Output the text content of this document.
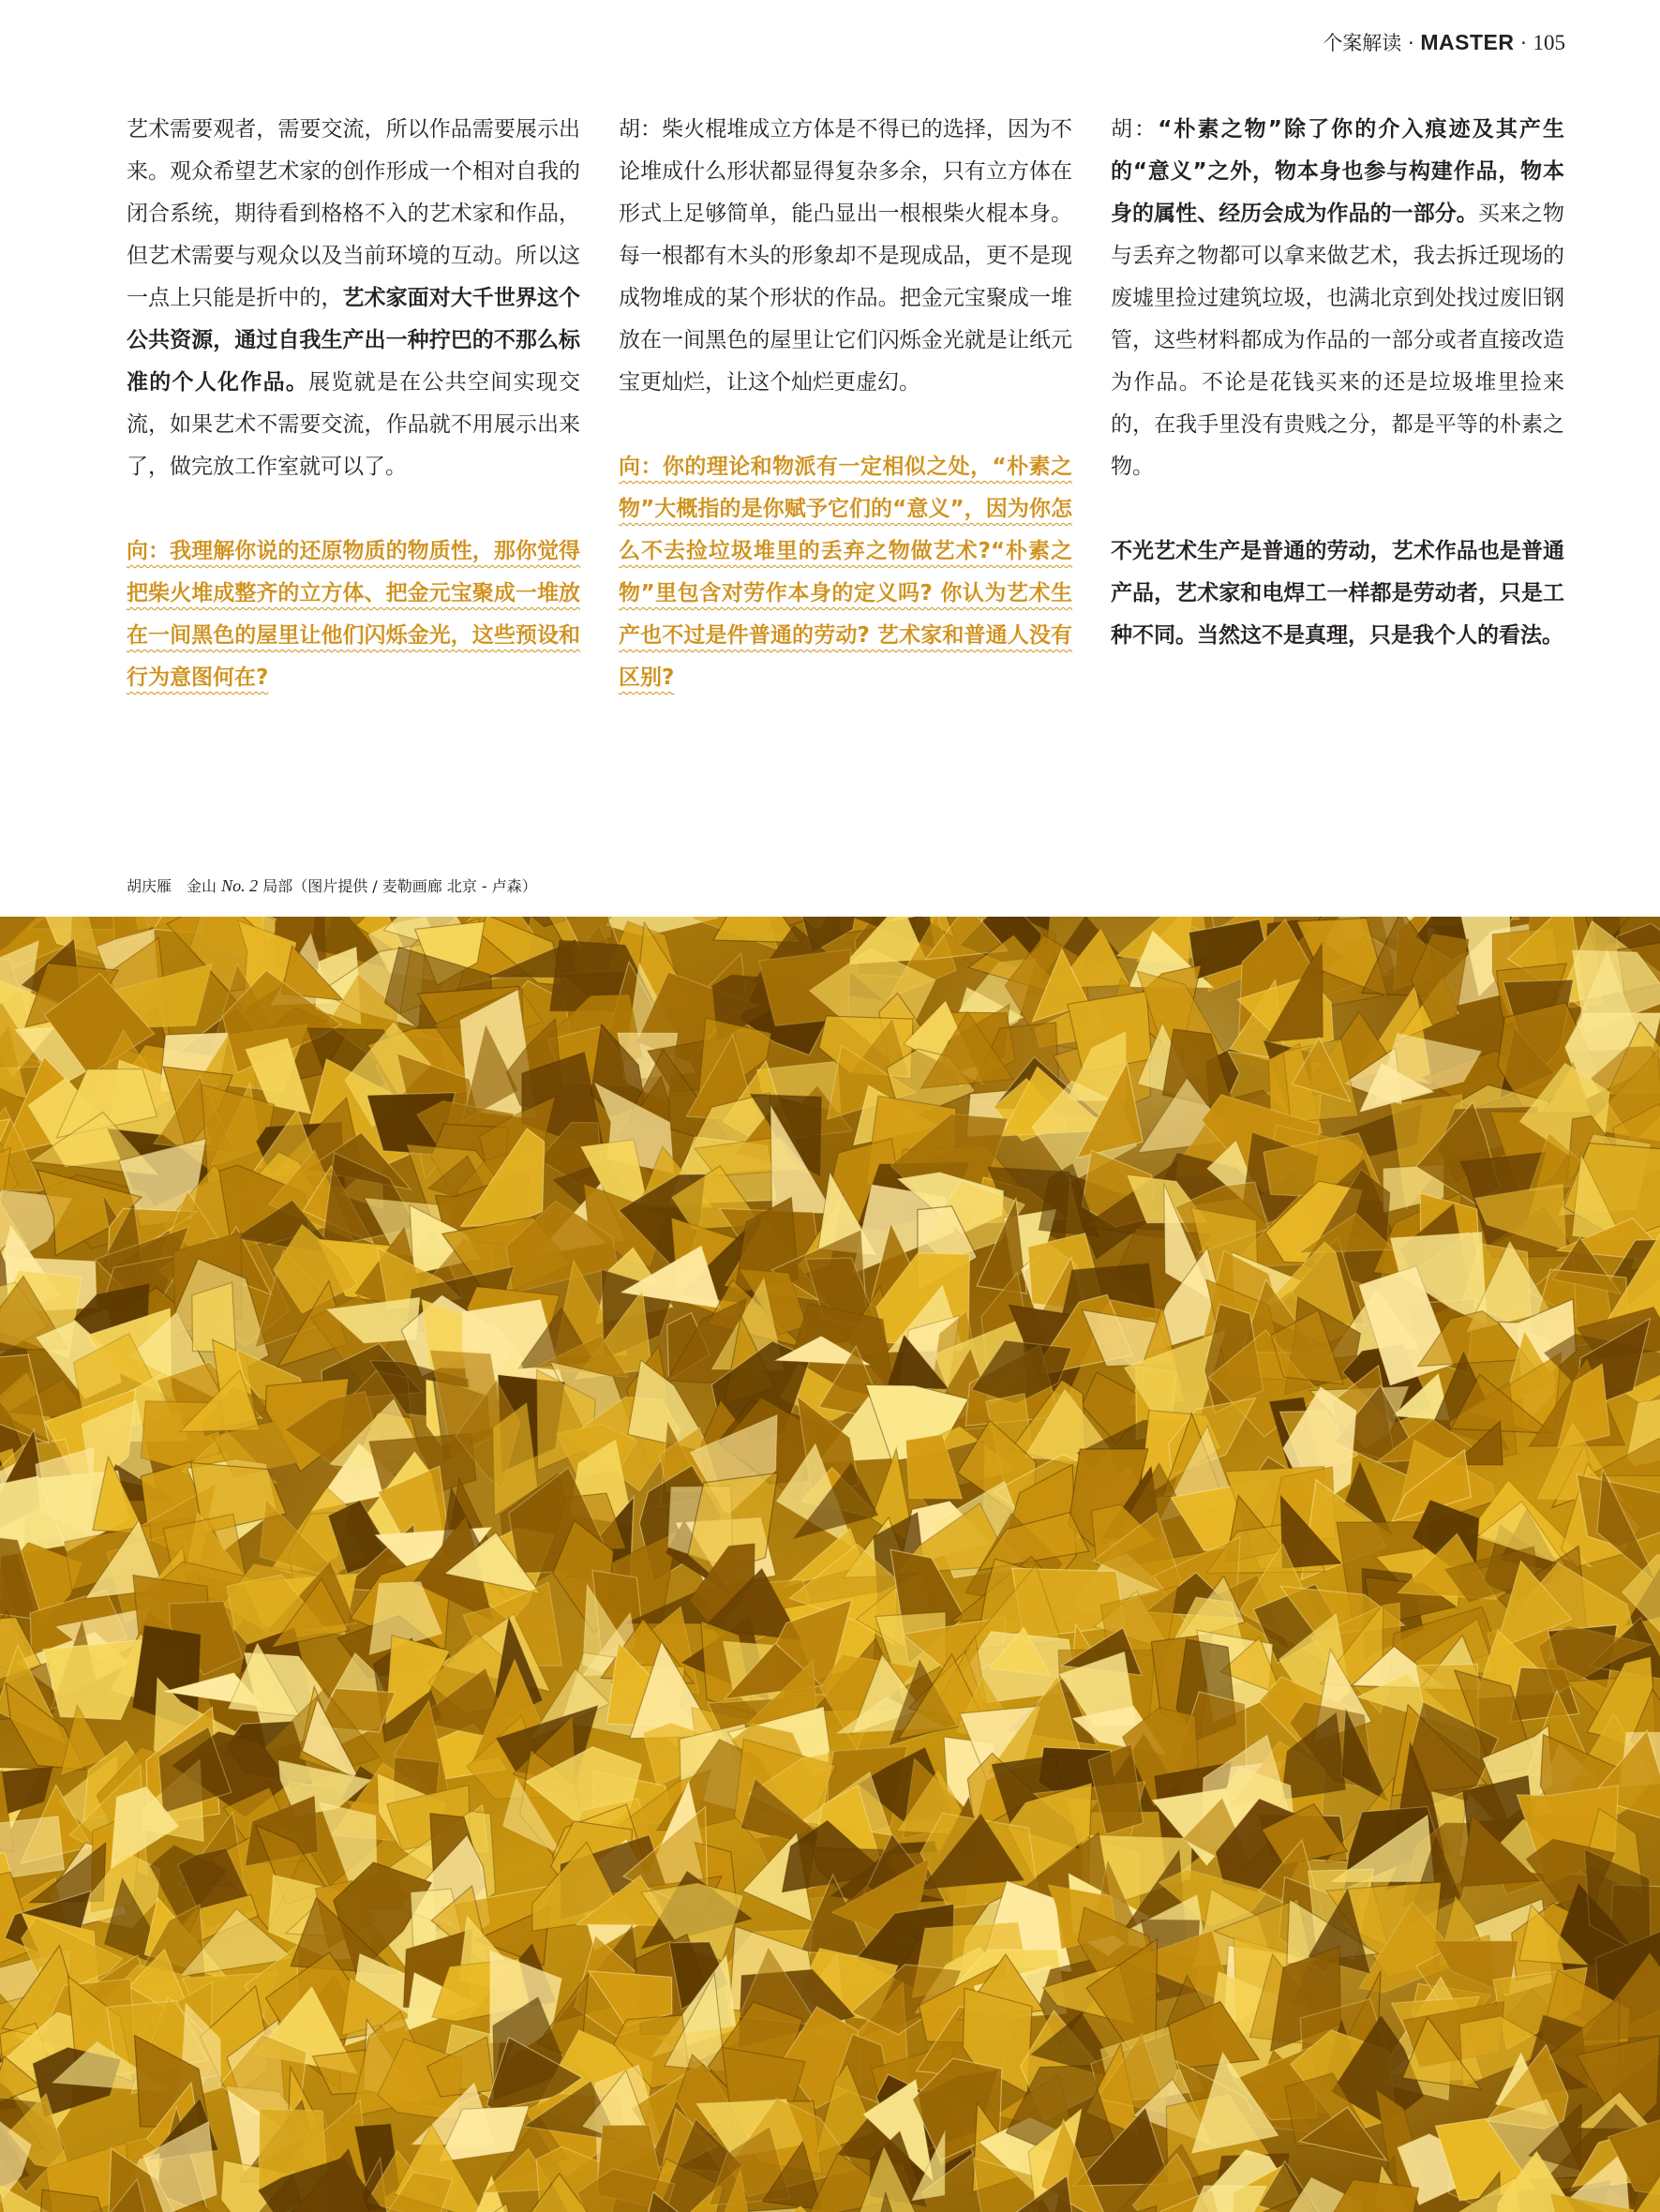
个案解读 · MASTER · 105

艺术需要观者，需要交流，所以作品需要展示出来。观众希望艺术家的创作形成一个相对自我的闭合系统，期待看到格格不入的艺术家和作品，但艺术需要与观众以及当前环境的互动。所以这一点上只能是折中的，艺术家面对大千世界这个公共资源，通过自我生产出一种拧巴的不那么标准的个人化作品。展览就是在公共空间实现交流，如果艺术不需要交流，作品就不用展示出来了，做完放工作室就可以了。

向：我理解你说的还原物质的物质性，那你觉得把柴火堆成整齐的立方体、把金元宝聚成一堆放在一间黑色的屋里让他们闪烁金光，这些预设和行为意图何在?

胡：柴火棍堆成立方体是不得已的选择，因为不论堆成什么形状都显得复杂多余，只有立方体在形式上足够简单，能凸显出一根根柴火棍本身。每一根都有木头的形象却不是现成品，更不是现成物堆成的某个形状的作品。把金元宝聚成一堆放在一间黑色的屋里让它们闪烁金光就是让纸元宝更灿烂，让这个灿烂更虚幻。

向：你的理论和物派有一定相似之处，“朴素之物”大概指的是你赋予它们的“意义”，因为你怎么不去捡垃圾堆里的丢弃之物做艺术?“朴素之物”里包含对劳作本身的定义吗? 你认为艺术生产也不过是件普通的劳动? 艺术家和普通人没有区别?

胡：“朴素之物”除了你的介入痕迹及其产生的“意义”之外，物本身也参与构建作品，物本身的属性、经历会成为作品的一部分。买来之物与丢弃之物都可以拿来做艺术，我去拆迁现场的废墟里捡过建筑垃圾，也满北京到处找过废旧钢管，这些材料都成为作品的一部分或者直接改造为作品。不论是花钱买来的还是垃圾堆里捡来的，在我手里没有贵贱之分，都是平等的朴素之物。

不光艺术生产是普通的劳动，艺术作品也是普通产品，艺术家和电焊工一样都是劳动者，只是工种不同。当然这不是真理，只是我个人的看法。

胡庆雁　金山 No. 2 局部（图片提供 / 麦勒画廊 北京 - 卢森）
